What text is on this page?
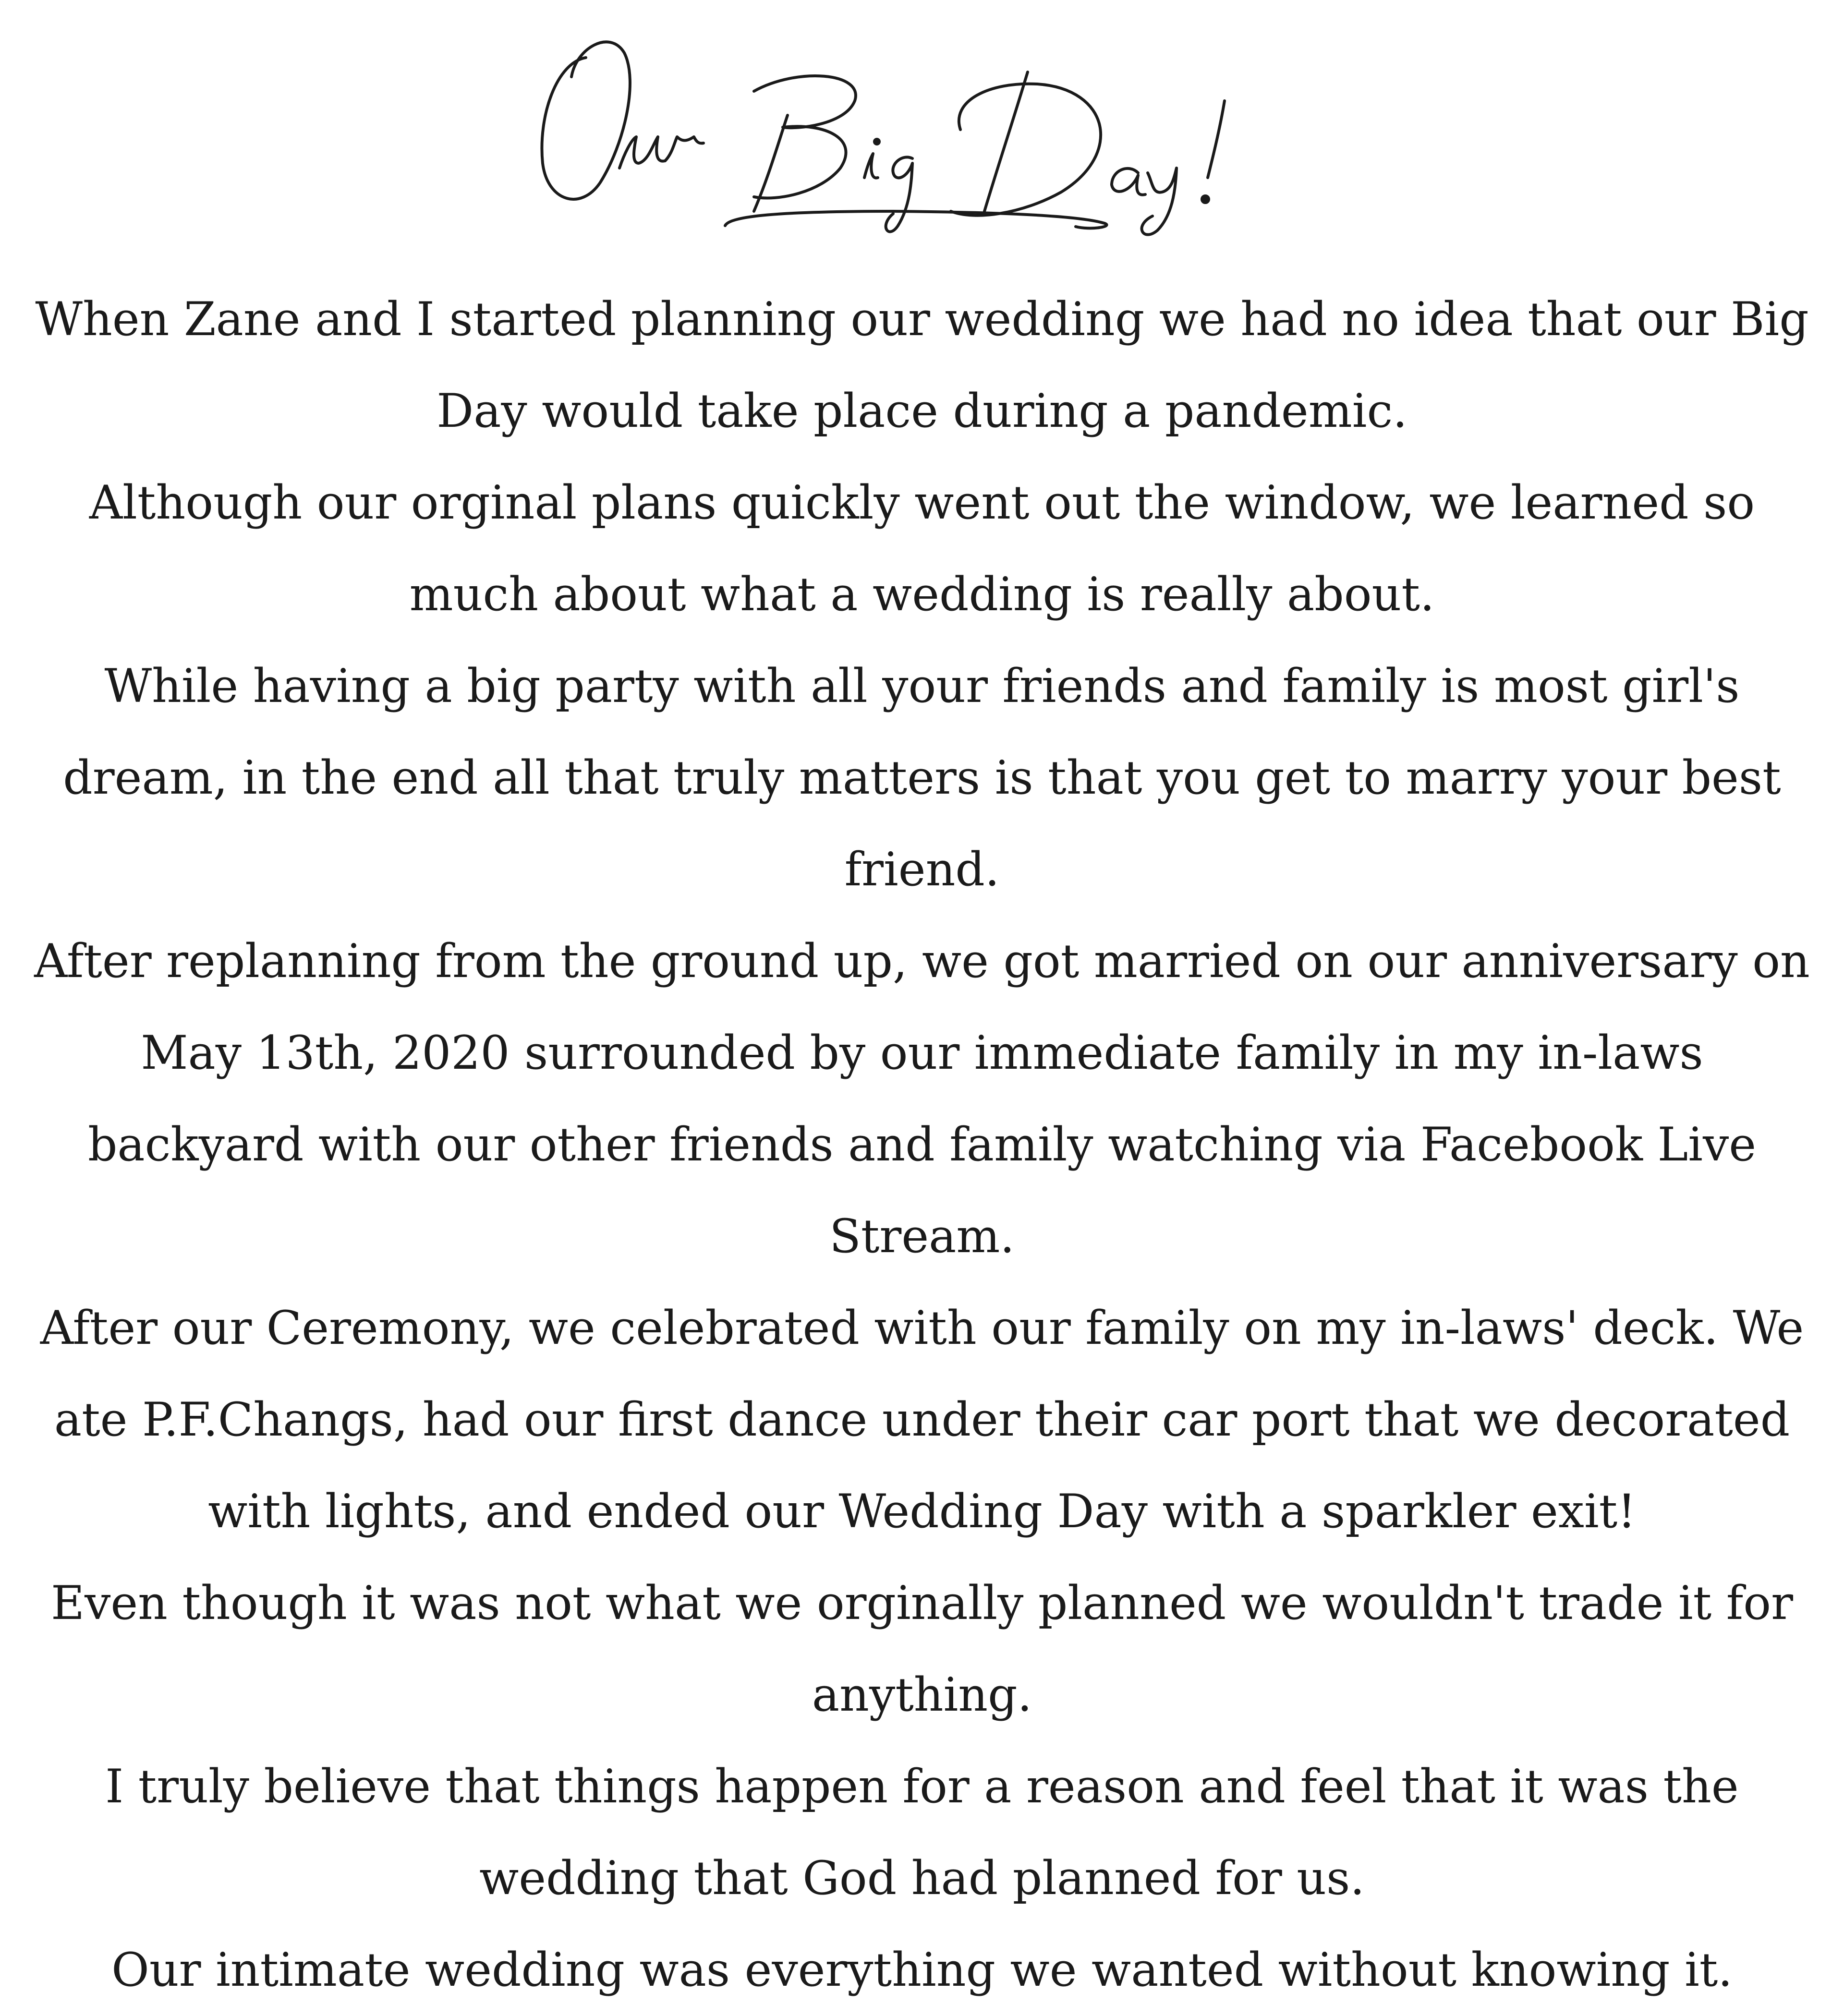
When Zane and I started planning our wedding we had no idea that our Big Day would take place during a pandemic.

Although our orginal plans quickly went out the window, we learned so much about what a wedding is really about.

While having a big party with all your friends and family is most girl's dream, in the end all that truly matters is that you get to marry your best friend.

After replanning from the ground up, we got married on our anniversary on May 13th, 2020 surrounded by our immediate family in my in-laws backyard with our other friends and family watching via Facebook Live Stream.

After our Ceremony, we celebrated with our family on my in-laws' deck. We ate P.F.Changs, had our first dance under their car port that we decorated with lights, and ended our Wedding Day with a sparkler exit!

Even though it was not what we orginally planned we wouldn't trade it for anything.

I truly believe that things happen for a reason and feel that it was the wedding that God had planned for us.

Our intimate wedding was everything we wanted without knowing it.
